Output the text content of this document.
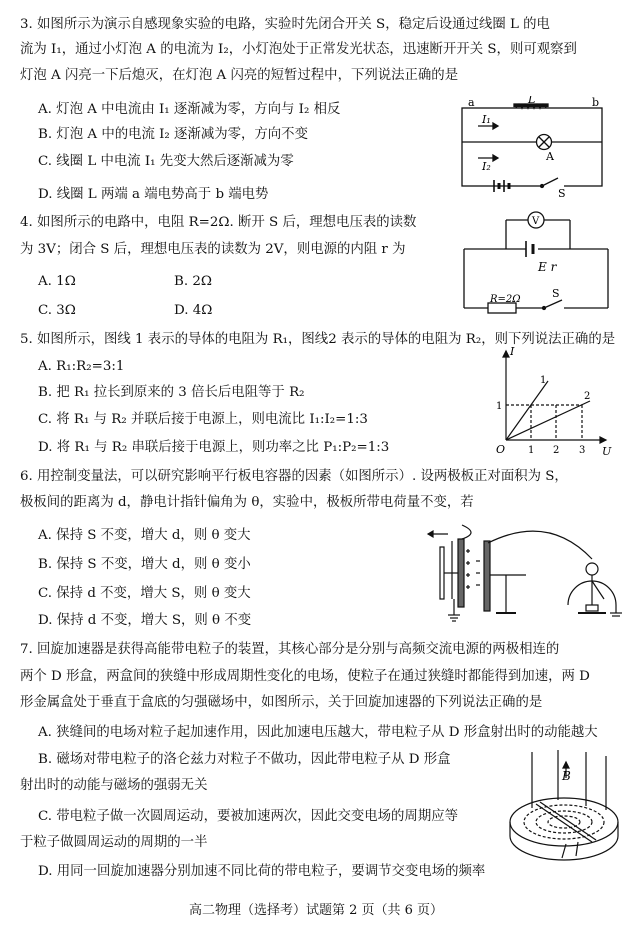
3. 如图所示为演示自感现象实验的电路，实验时先闭合开关 S，稳定后设通过线圈 L 的电
流为 I₁，通过小灯泡 A 的电流为 I₂，小灯泡处于正常发光状态，迅速断开开关 S，则可观察到
灯泡 A 闪亮一下后熄灭，在灯泡 A 闪亮的短暂过程中，下列说法正确的是
A. 灯泡 A 中电流由 I₁ 逐渐减为零，方向与 I₂ 相反
B. 灯泡 A 中的电流 I₂ 逐渐减为零，方向不变
C. 线圈 L 中电流 I₁ 先变大然后逐渐减为零
D. 线圈 L 两端 a 端电势高于 b 端电势
a	b
L
I₁
I₂
A
S
4. 如图所示的电路中，电阻 R=2Ω. 断开 S 后，理想电压表的读数
为 3V；闭合 S 后，理想电压表的读数为 2V，则电源的内阻 r 为
A. 1Ω	B. 2Ω
C. 3Ω	D. 4Ω
V
E r
R=2Ω	S
5. 如图所示，图线 1 表示的导体的电阻为 R₁，图线2 表示的导体的电阻为 R₂，则下列说法正确的是
A. R₁:R₂=3:1
B. 把 R₁ 拉长到原来的 3 倍长后电阻等于 R₂
C. 将 R₁ 与 R₂ 并联后接于电源上，则电流比 I₁:I₂=1:3
D. 将 R₁ 与 R₂ 串联后接于电源上，则功率之比 P₁:P₂=1:3
I
U
O
1
1 2 3
1
2
6. 用控制变量法，可以研究影响平行板电容器的因素（如图所示）. 设两极板正对面积为 S，
极板间的距离为 d，静电计指针偏角为 θ，实验中，极板所带电荷量不变，若
A. 保持 S 不变，增大 d，则 θ 变大
B. 保持 S 不变，增大 d，则 θ 变小
C. 保持 d 不变，增大 S，则 θ 变大
D. 保持 d 不变，增大 S，则 θ 不变
7. 回旋加速器是获得高能带电粒子的装置，其核心部分是分别与高频交流电源的两极相连的
两个 D 形盒，两盒间的狭缝中形成周期性变化的电场，使粒子在通过狭缝时都能得到加速，两 D
形金属盒处于垂直于盒底的匀强磁场中，如图所示，关于回旋加速器的下列说法正确的是
A. 狭缝间的电场对粒子起加速作用，因此加速电压越大，带电粒子从 D 形盒射出时的动能越大
B. 磁场对带电粒子的洛仑兹力对粒子不做功，因此带电粒子从 D 形盒
射出时的动能与磁场的强弱无关
C. 带电粒子做一次圆周运动，要被加速两次，因此交变电场的周期应等
于粒子做圆周运动的周期的一半
D. 用同一回旋加速器分别加速不同比荷的带电粒子，要调节交变电场的频率
B
高二物理（选择考）试题第 2 页（共 6 页）
